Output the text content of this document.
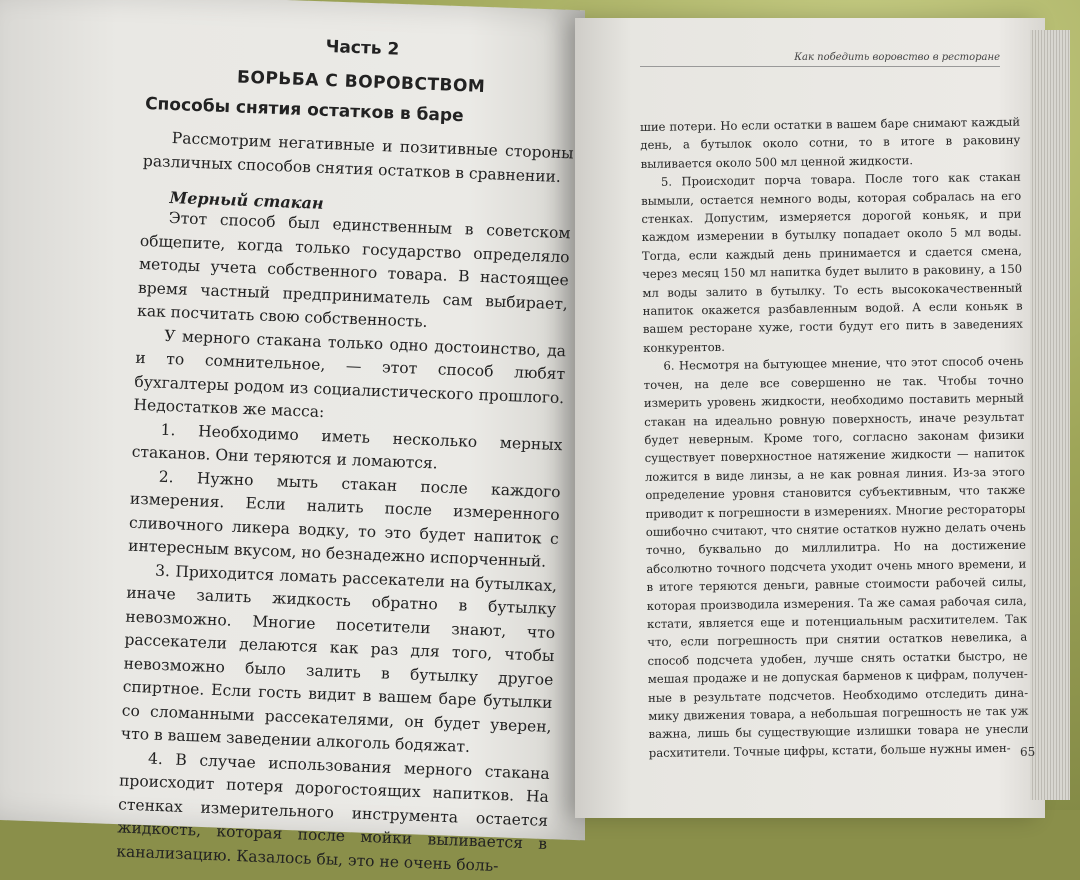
Часть 2
БОРЬБА С ВОРОВСТВОМ
Способы снятия остатков в баре

Рассмотрим негативные и позитивные стороны различных способов снятия остатков в сравнении.

Мерный стакан

Этот способ был единственным в советском общепите, когда только государство определяло методы учета собственного товара. В настоящее время частный предприниматель сам выбирает, как посчитать свою собственность.

У мерного стакана только одно достоинство, да и то сомнительное, — этот способ любят бухгалтеры родом из социалистического прошлого. Недостатков же масса:

1. Необходимо иметь несколько мерных стаканов. Они теряются и ломаются.

2. Нужно мыть стакан после каждого измерения. Если налить после измеренного сливочного ликера водку, то это будет напиток с интересным вкусом, но безнадежно испорченный.

3. Приходится ломать рассекатели на бутылках, иначе залить жидкость обратно в бутылку невозможно. Многие посетители знают, что рассекатели делаются как раз для того, чтобы невозможно было залить в бутылку другое спиртное. Если гость видит в вашем баре бутылки со сломанными рассекателями, он будет уверен, что в вашем заведении алкоголь бодяжат.

4. В случае использования мерного стакана происходит потеря дорогостоящих напитков. На стенках измерительного инструмента остается жидкость, которая после мойки выливается в канализацию. Казалось бы, это не очень боль-

Как победить воровство в ресторане

шие потери. Но если остатки в вашем баре снимают каждый день, а бутылок около сотни, то в итоге в раковину выливается около 500 мл ценной жидкости.

5. Происходит порча товара. После того как стакан вымыли, остается немного воды, которая собралась на его стенках. Допустим, измеряется дорогой коньяк, и при каждом измерении в бутылку попадает около 5 мл воды. Тогда, если каждый день принимается и сдается смена, через месяц 150 мл напитка будет вылито в раковину, а 150 мл воды залито в бутылку. То есть высококачественный напиток окажется разбавленным водой. А если коньяк в вашем ресторане хуже, гости будут его пить в заведениях конкурентов.

6. Несмотря на бытующее мнение, что этот способ очень точен, на деле все совершенно не так. Чтобы точно измерить уровень жидкости, необходимо поставить мерный стакан на идеально ровную поверхность, иначе результат будет неверным. Кроме того, согласно законам физики существует поверхностное натяжение жидкости — напиток ложится в виде линзы, а не как ровная линия. Из-за этого определение уровня становится субъективным, что также приводит к погрешности в измерениях. Многие рестораторы ошибочно считают, что снятие остатков нужно делать очень точно, буквально до миллилитра. Но на достижение абсолютно точного подсчета уходит очень много времени, и в итоге теряются деньги, равные стоимости рабочей силы, которая производила измерения. Та же самая рабочая сила, кстати, является еще и потенциальным расхитителем. Так что, если погрешность при снятии остатков невелика, а способ подсчета удобен, лучше снять остатки быстро, не мешая продаже и не допуская барменов к цифрам, полученные в результате подсчетов. Необходимо отследить динамику движения товара, а небольшая погрешность не так уж важна, лишь бы существующие излишки товара не унесли расхитители. Точные цифры, кстати, больше нужны имен- 65
